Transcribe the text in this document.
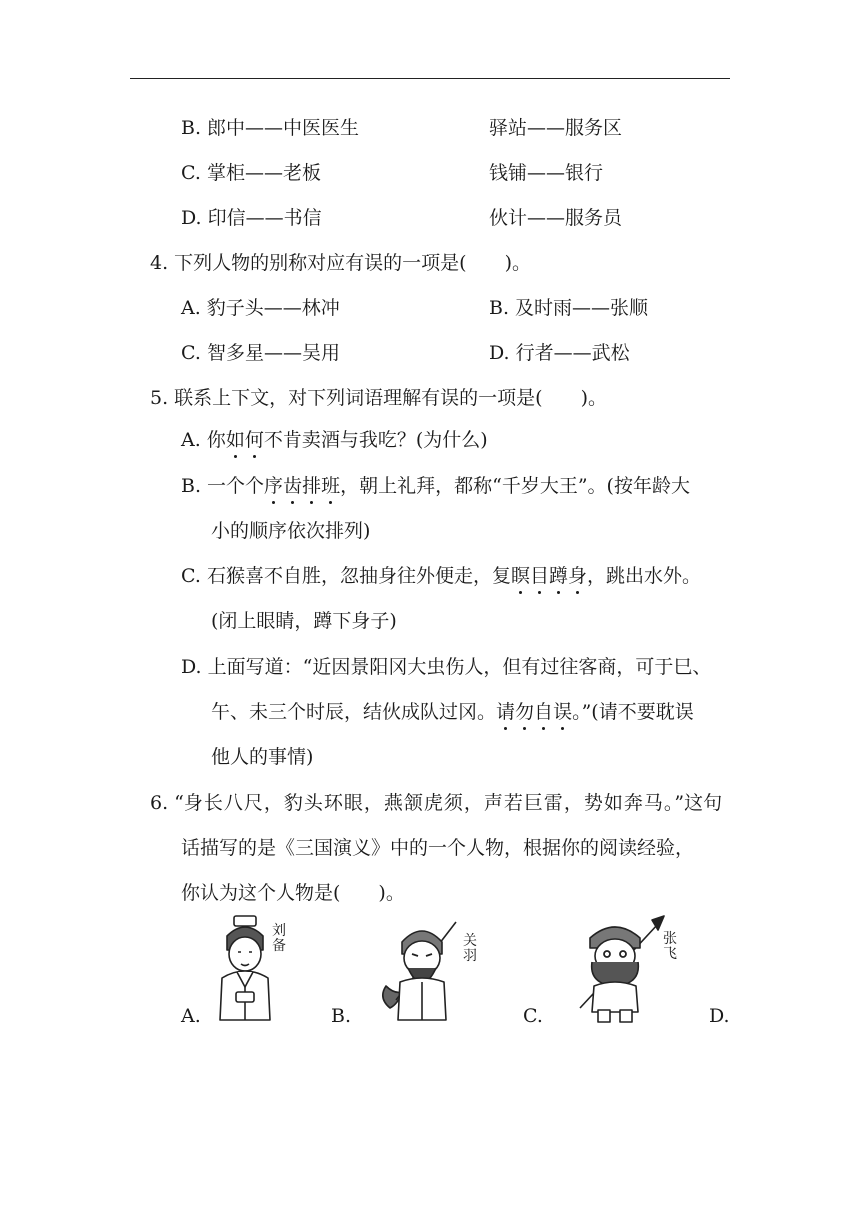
B. 郎中——中医医生	驿站——服务区
C. 掌柜——老板	钱铺——银行
D. 印信——书信	伙计——服务员
4. 下列人物的别称对应有误的一项是(　　)。
A. 豹子头——林冲	B. 及时雨——张顺
C. 智多星——吴用	D. 行者——武松
5. 联系上下文，对下列词语理解有误的一项是(　　)。
A. 你如何不肯卖酒与我吃？(为什么)
B. 一个个序齿排班，朝上礼拜，都称“千岁大王”。(按年龄大
小的顺序依次排列)
C. 石猴喜不自胜，忽抽身往外便走，复瞑目蹲身，跳出水外。
(闭上眼睛，蹲下身子)
D. 上面写道：“近因景阳冈大虫伤人，但有过往客商，可于巳、
午、未三个时辰，结伙成队过冈。请勿自误。”(请不要耽误
他人的事情)
6. “身长八尺，豹头环眼，燕颔虎须，声若巨雷，势如奔马。”这句
话描写的是《三国演义》中的一个人物，根据你的阅读经验，
你认为这个人物是(　　)。
刘
备	关
羽
张
飞
A.	B.	C.	D.
